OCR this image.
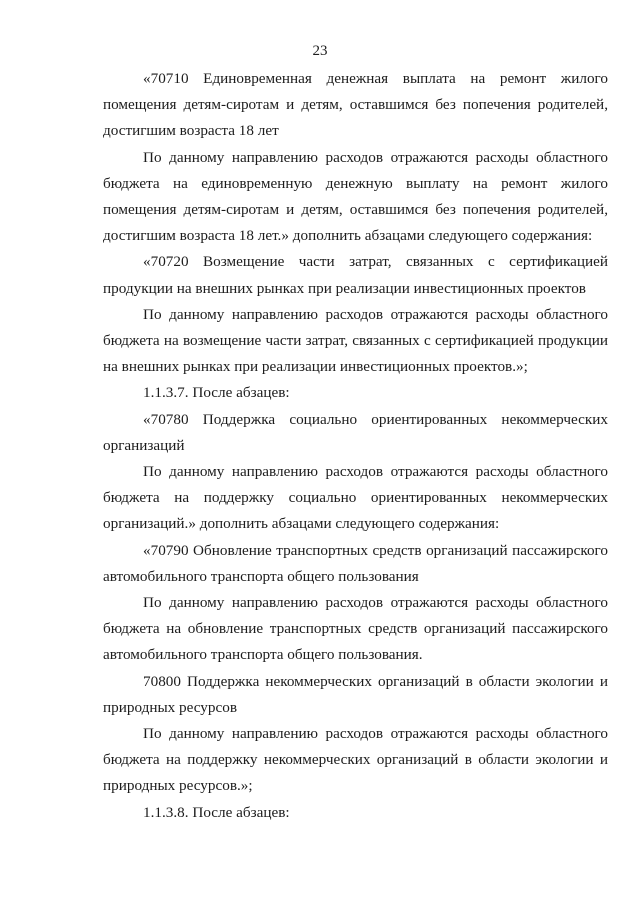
23

«70710 Единовременная денежная выплата на ремонт жилого помещения детям-сиротам и детям, оставшимся без попечения родителей, достигшим возраста 18 лет

По данному направлению расходов отражаются расходы областного бюджета на единовременную денежную выплату на ремонт жилого помещения детям-сиротам и детям, оставшимся без попечения родителей, достигшим возраста 18 лет.» дополнить абзацами следующего содержания:

«70720 Возмещение части затрат, связанных с сертификацией продукции на внешних рынках при реализации инвестиционных проектов

По данному направлению расходов отражаются расходы областного бюджета на возмещение части затрат, связанных с сертификацией продукции на внешних рынках при реализации инвестиционных проектов.»;

1.1.3.7. После абзацев:

«70780 Поддержка социально ориентированных некоммерческих организаций

По данному направлению расходов отражаются расходы областного бюджета на поддержку социально ориентированных некоммерческих организаций.» дополнить абзацами следующего содержания:

«70790 Обновление транспортных средств организаций пассажирского автомобильного транспорта общего пользования

По данному направлению расходов отражаются расходы областного бюджета на обновление транспортных средств организаций пассажирского автомобильного транспорта общего пользования.

70800 Поддержка некоммерческих организаций в области экологии и природных ресурсов

По данному направлению расходов отражаются расходы областного бюджета на поддержку некоммерческих организаций в области экологии и природных ресурсов.»;

1.1.3.8. После абзацев:
